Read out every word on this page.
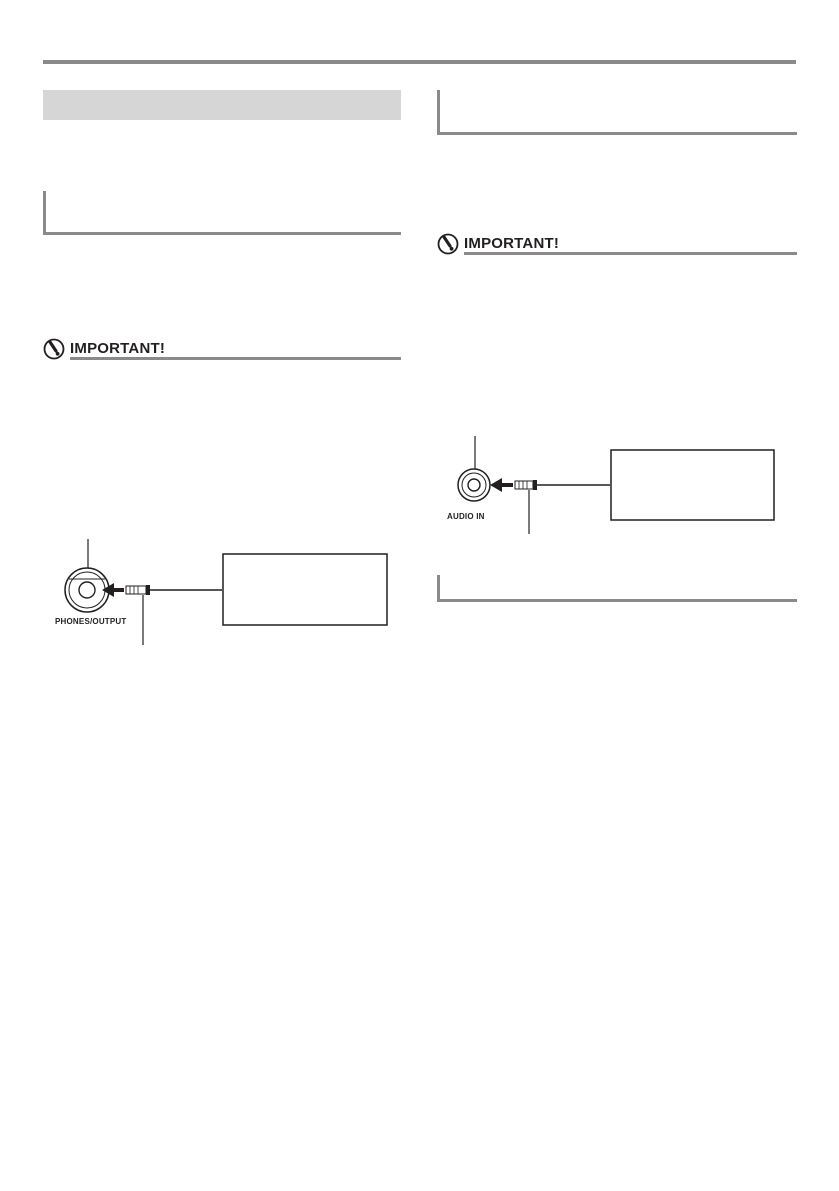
IMPORTANT!
IMPORTANT!
PHONES/OUTPUT
AUDIO IN
